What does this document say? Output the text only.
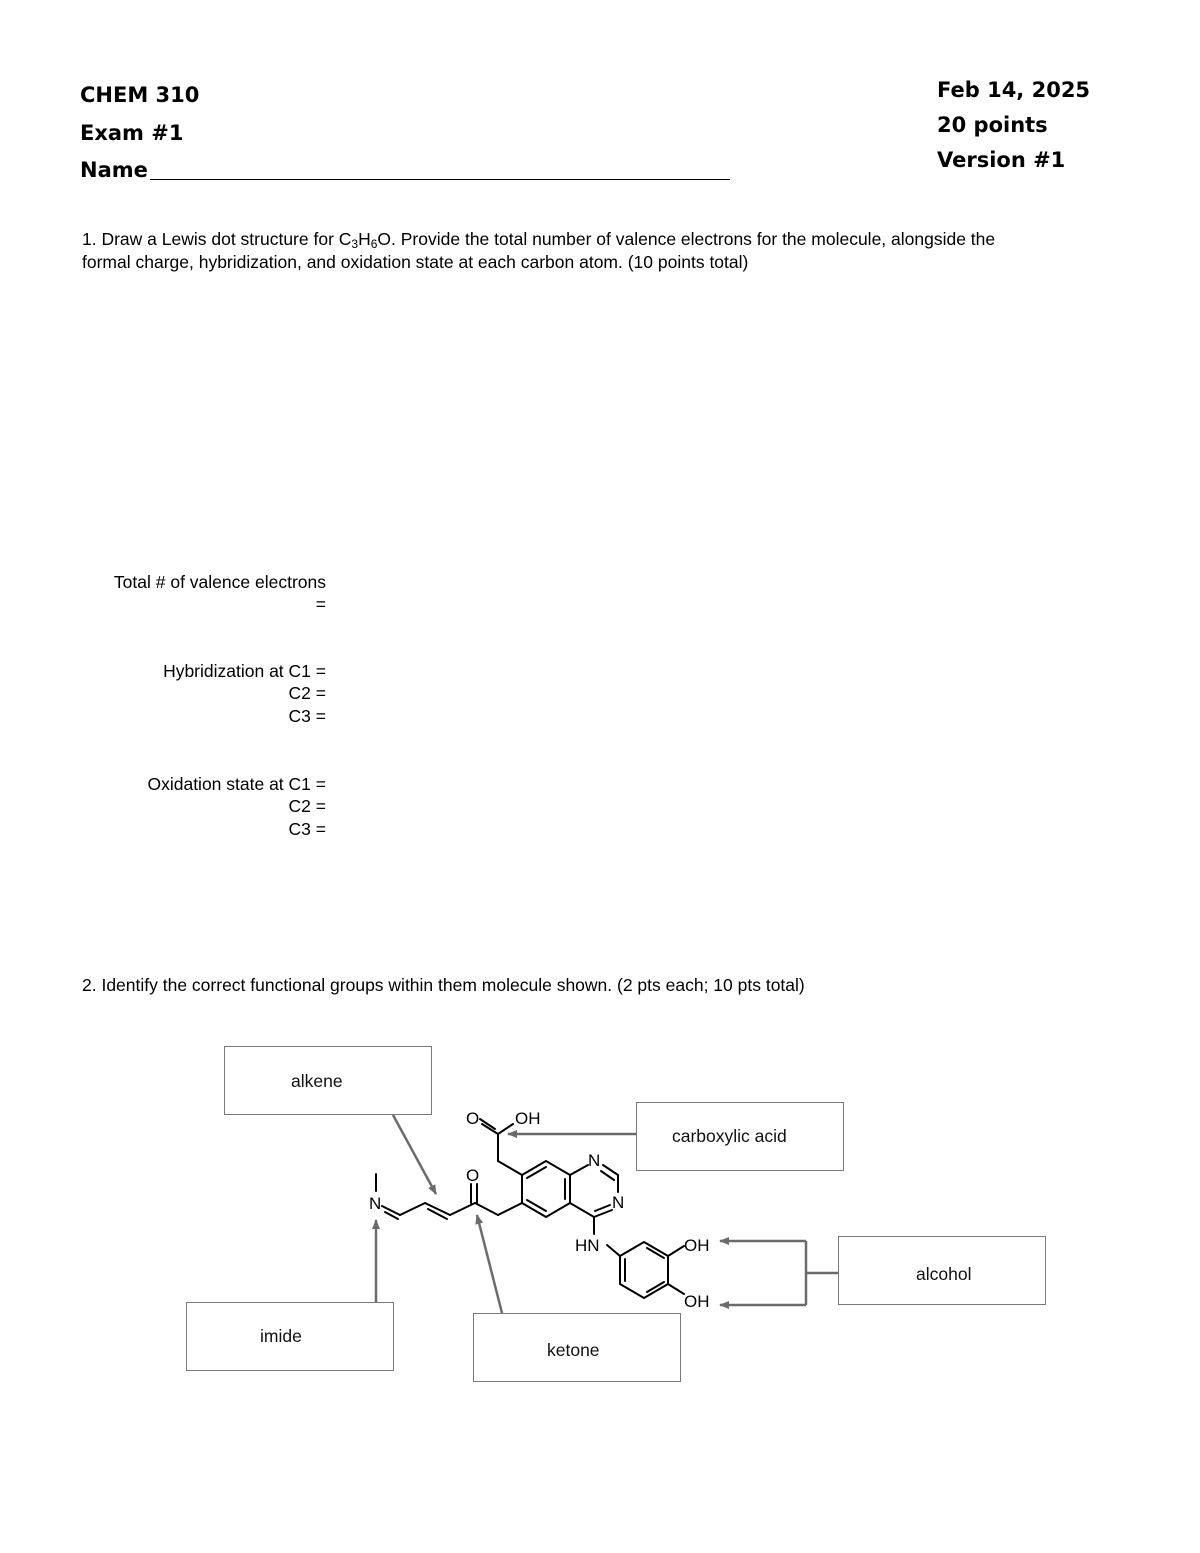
CHEM 310
Exam #1
Name
Feb 14, 2025
20 points
Version #1
1. Draw a Lewis dot structure for $C_3H_6O$. Provide the total number of valence electrons for the molecule, alongside the
formal charge, hybridization, and oxidation state at each carbon atom. (10 points total)
Total # of valence electrons
=
Hybridization at C1 =
C2 =
C3 =
Oxidation state at C1 =
C2 =
C3 =
2. Identify the correct functional groups within them molecule shown. (2 pts each; 10 pts total)
alkene
carboxylic acid
alcohol
imide
ketone
N
O
O OH
N
N
HN	OH
OH
